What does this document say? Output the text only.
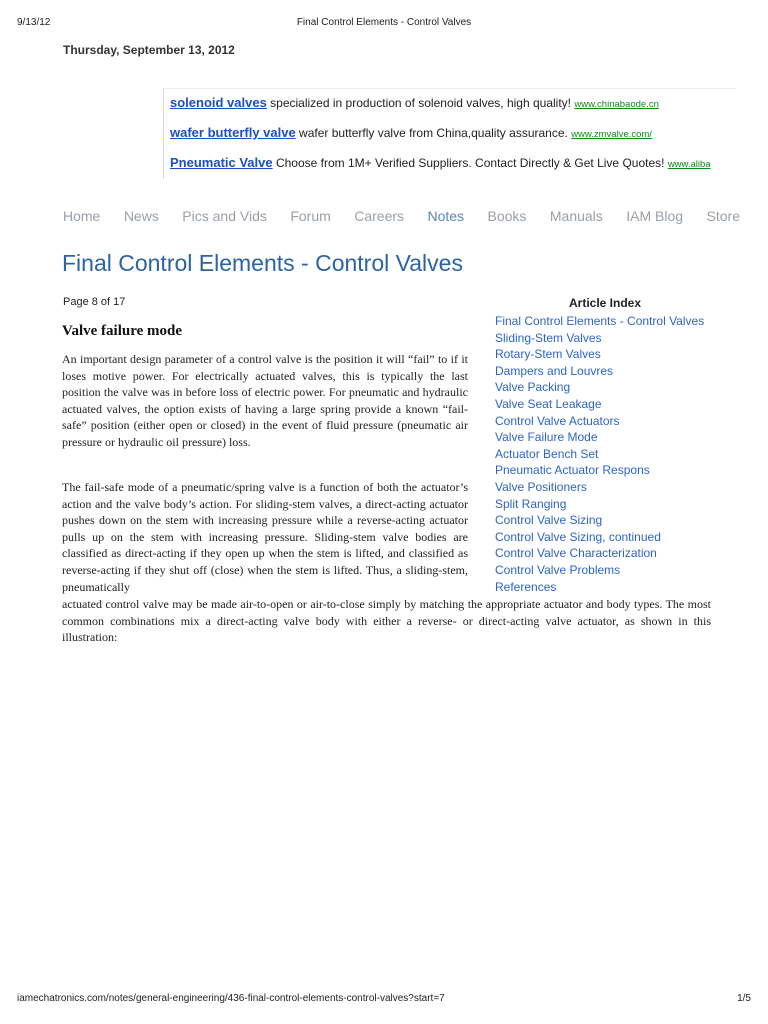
9/13/12	Final Control Elements - Control Valves
Thursday, September 13, 2012
solenoid valves specialized in production of solenoid valves, high quality! www.chinabaode.cn
wafer butterfly valve wafer butterfly valve from China,quality assurance. www.zmvalve.com/
Pneumatic Valve Choose from 1M+ Verified Suppliers. Contact Directly & Get Live Quotes! www.aliba
Home News Pics and Vids Forum Careers Notes Books Manuals IAM Blog Store
Final Control Elements - Control Valves
Page 8 of 17
Valve failure mode

An important design parameter of a control valve is the position it will “fail” to if it loses motive power. For electrically actuated valves, this is typically the last position the valve was in before loss of electric power. For pneumatic and hydraulic actuated valves, the option exists of having a large spring provide a known “fail-safe” position (either open or closed) in the event of fluid pressure (pneumatic air pressure or hydraulic oil pressure) loss.

The fail-safe mode of a pneumatic/spring valve is a function of both the actuator’s action and the valve body’s action. For sliding-stem valves, a direct-acting actuator pushes down on the stem with increasing pressure while a reverse-acting actuator pulls up on the stem with increasing pressure. Sliding-stem valve bodies are classified as direct-acting if they open up when the stem is lifted, and classified as reverse-acting if they shut off (close) when the stem is lifted. Thus, a sliding-stem, pneumatically

actuated control valve may be made air-to-open or air-to-close simply by matching the appropriate actuator and body types. The most common combinations mix a direct-acting valve body with either a reverse- or direct-acting valve actuator, as shown in this illustration:

Article Index
Final Control Elements - Control Valves
Sliding-Stem Valves
Rotary-Stem Valves
Dampers and Louvres
Valve Packing
Valve Seat Leakage
Control Valve Actuators
Valve Failure Mode
Actuator Bench Set
Pneumatic Actuator Respons
Valve Positioners
Split Ranging
Control Valve Sizing
Control Valve Sizing, continued
Control Valve Characterization
Control Valve Problems
References
iamechatronics.com/notes/general-engineering/436-final-control-elements-control-valves?start=7	1/5
